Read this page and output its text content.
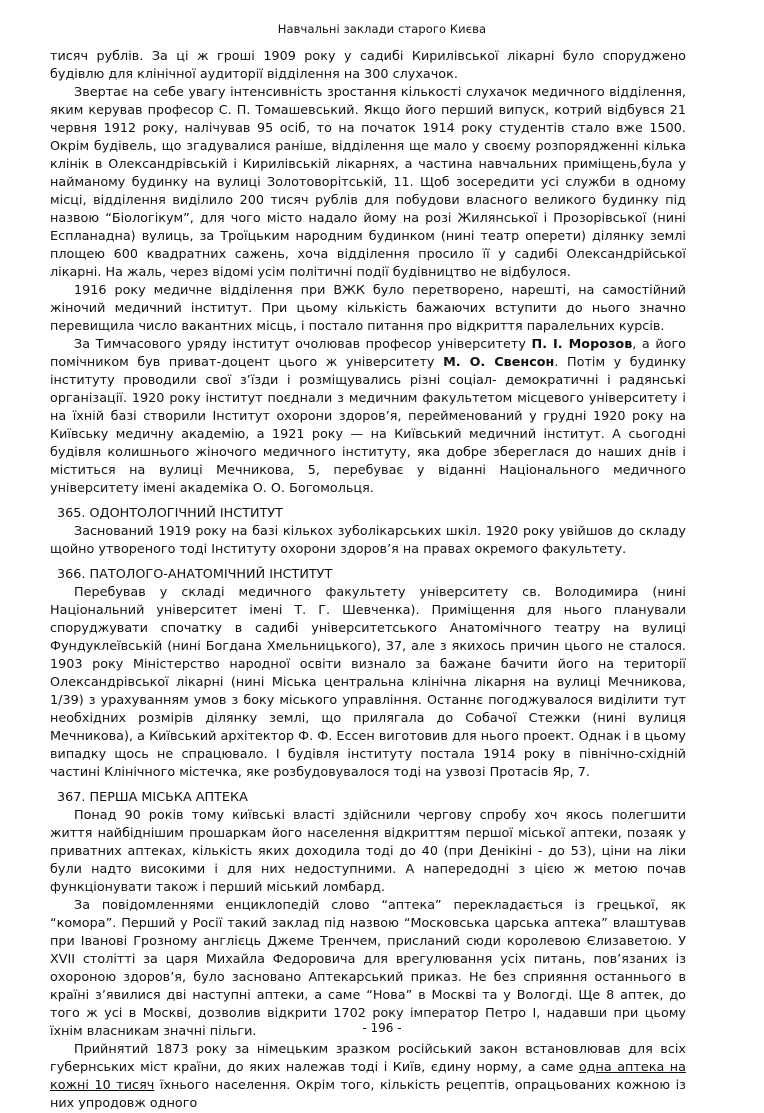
Навчальні заклади старого Києва

тисяч рублів. За ці ж гроші 1909 року у садибі Кирилівської лікарні було споруджено будівлю для клінічної аудиторії відділення на 300 слухачок.

Звертає на себе увагу інтенсивність зростання кількості слухачок медичного відділення, яким керував професор С. П. Томашевський. Якщо його перший випуск, котрий відбувся 21 червня 1912 року, налічував 95 осіб, то на початок 1914 року студентів стало вже 1500. Окрім будівель, що згадувалися раніше, відділення ще мало у своєму розпорядженні кілька клінік в Олександрівській і Кирилівській лікарнях, а частина навчальних приміщень,була у найманому будинку на вулиці Золотоворітській, 11. Щоб зосередити усі служби в одному місці, відділення виділило 200 тисяч рублів для побудови власного великого будинку під назвою “Біологікум”, для чого місто надало йому на розі Жилянської і Прозорівської (нині Еспланадна) вулиць, за Троїцьким народним будинком (нині театр оперети) ділянку землі площею 600 квадратних сажень, хоча відділення просило її у садибі Олександрійської лікарні. На жаль, через відомі усім політичні події будівництво не відбулося.

1916 року медичне відділення при ВЖК було перетворено, нарешті, на самостійний жіночий медичний інститут. При цьому кількість бажаючих вступити до нього значно перевищила число вакантних місць, і постало питання про відкриття паралельних курсів.

За Тимчасового уряду інститут очолював професор університету П. І. Морозов, а його помічником був приват-доцент цього ж університету М. О. Свенсон. Потім у будинку інституту проводили свої з’їзди і розміщувались різні соціал- демократичні і радянські організації. 1920 року інститут поєднали з медичним факультетом місцевого університету і на їхній базі створили Інститут охорони здоров’я, перейменований у грудні 1920 року на Київську медичну академію, а 1921 року — на Київський медичний інститут. А сьогодні будівля колишнього жіночого медичного інституту, яка добре збереглася до наших днів і міститься на вулиці Мечникова, 5, перебуває у віданні Національного медичного університету імені академіка О. О. Богомольця.

365. ОДОНТОЛОГІЧНИЙ ІНСТИТУТ

Заснований 1919 року на базі кількох зуболікарських шкіл. 1920 року увійшов до складу щойно утвореного тоді Інституту охорони здоров’я на правах окремого факультету.

366. ПАТОЛОГО-АНАТОМІЧНИЙ ІНСТИТУТ

Перебував у складі медичного факультету університету св. Володимира (нині Національний університет імені Т. Г. Шевченка). Приміщення для нього планували споруджувати спочатку в садибі університетського Анатомічного театру на вулиці Фундуклеївській (нині Богдана Хмельницького), 37, але з якихось причин цього не сталося. 1903 року Міністерство народної освіти визнало за бажане бачити його на території Олександрівської лікарні (нині Міська центральна клінічна лікарня на вулиці Мечникова, 1/39) з урахуванням умов з боку міського управління. Останнє погоджувалося виділити тут необхідних розмірів ділянку землі, що прилягала до Собачої Стежки (нині вулиця Мечникова), а Київський архітектор Ф. Ф. Ессен виготовив для нього проект. Однак і в цьому випадку щось не спрацювало. І будівля інституту постала 1914 року в північно-східній частині Клінічного містечка, яке розбудовувалося тоді на узвозі Протасів Яр, 7.

367. ПЕРША МІСЬКА АПТЕКА

Понад 90 років тому київські власті здійснили чергову спробу хоч якось полегшити життя найбіднішим прошаркам його населення відкриттям першої міської аптеки, позаяк у приватних аптеках, кількість яких доходила тоді до 40 (при Денікіні - до 53), ціни на ліки були надто високими і для них недоступними. А напередодні з цією ж метою почав функціонувати також і перший міський ломбард.

За повідомленнями енциклопедій слово “аптека” перекладається із грецької, як “комора”. Перший у Росії такий заклад під назвою “Московська царська аптека” влаштував при Іванові Грозному англієць Джеме Тренчем, присланий сюди королевою Єлизаветою. У XVII столітті за царя Михайла Федоровича для врегулювання усіх питань, пов’язаних із охороною здоров’я, було засновано Аптекарський приказ. Не без сприяння останнього в країні з’явилися дві наступні аптеки, а саме “Нова” в Москві та у Вологді. Ще 8 аптек, до того ж усі в Москві, дозволив відкрити 1702 року імператор Петро I, надавши при цьому їхнім власникам значні пільги.

Прийнятий 1873 року за німецьким зразком російський закон встановлював для всіх губернських міст країни, до яких належав тоді і Київ, єдину норму, а саме одна аптека на кожні 10 тисяч їхнього населення. Окрім того, кількість рецептів, опрацьованих кожною із них упродовж одного

- 196 -
